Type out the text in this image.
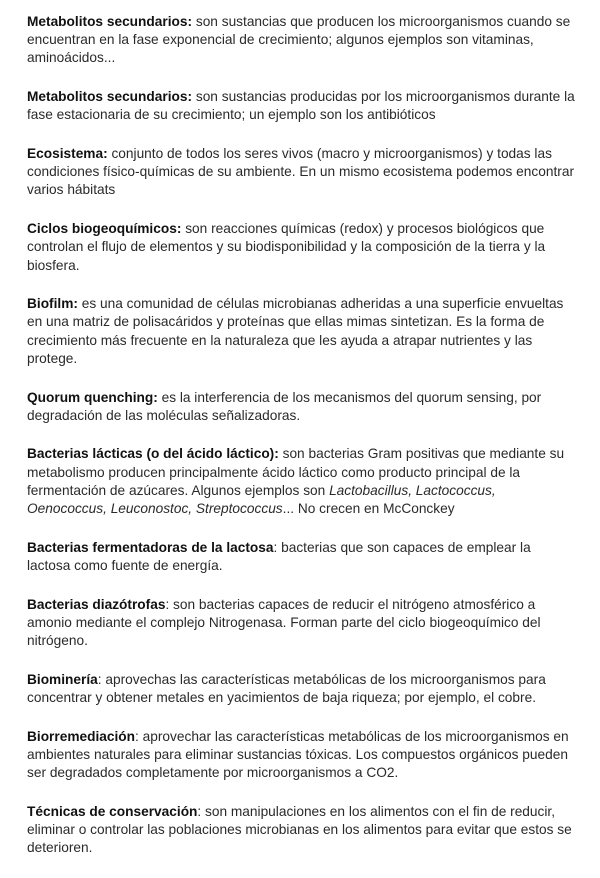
Metabolitos secundarios: son sustancias que producen los microorganismos cuando se encuentran en la fase exponencial de crecimiento; algunos ejemplos son vitaminas, aminoácidos...

Metabolitos secundarios: son sustancias producidas por los microorganismos durante la fase estacionaria de su crecimiento; un ejemplo son los antibióticos

Ecosistema: conjunto de todos los seres vivos (macro y microorganismos) y todas las condiciones físico-químicas de su ambiente. En un mismo ecosistema podemos encontrar varios hábitats

Ciclos biogeoquímicos: son reacciones químicas (redox) y procesos biológicos que controlan el flujo de elementos y su biodisponibilidad y la composición de la tierra y la biosfera.

Biofilm: es una comunidad de células microbianas adheridas a una superficie envueltas en una matriz de polisacáridos y proteínas que ellas mimas sintetizan. Es la forma de crecimiento más frecuente en la naturaleza que les ayuda a atrapar nutrientes y las protege.

Quorum quenching: es la interferencia de los mecanismos del quorum sensing, por degradación de las moléculas señalizadoras.

Bacterias lácticas (o del ácido láctico): son bacterias Gram positivas que mediante su metabolismo producen principalmente ácido láctico como producto principal de la fermentación de azúcares. Algunos ejemplos son Lactobacillus, Lactococcus, Oenococcus, Leuconostoc, Streptococcus... No crecen en McConckey

Bacterias fermentadoras de la lactosa: bacterias que son capaces de emplear la lactosa como fuente de energía.

Bacterias diazótrofas: son bacterias capaces de reducir el nitrógeno atmosférico a amonio mediante el complejo Nitrogenasa. Forman parte del ciclo biogeoquímico del nitrógeno.

Biominería: aprovechas las características metabólicas de los microorganismos para concentrar y obtener metales en yacimientos de baja riqueza; por ejemplo, el cobre.

Biorremediación: aprovechar las características metabólicas de los microorganismos en ambientes naturales para eliminar sustancias tóxicas. Los compuestos orgánicos pueden ser degradados completamente por microorganismos a CO2.

Técnicas de conservación: son manipulaciones en los alimentos con el fin de reducir, eliminar o controlar las poblaciones microbianas en los alimentos para evitar que estos se deterioren.
